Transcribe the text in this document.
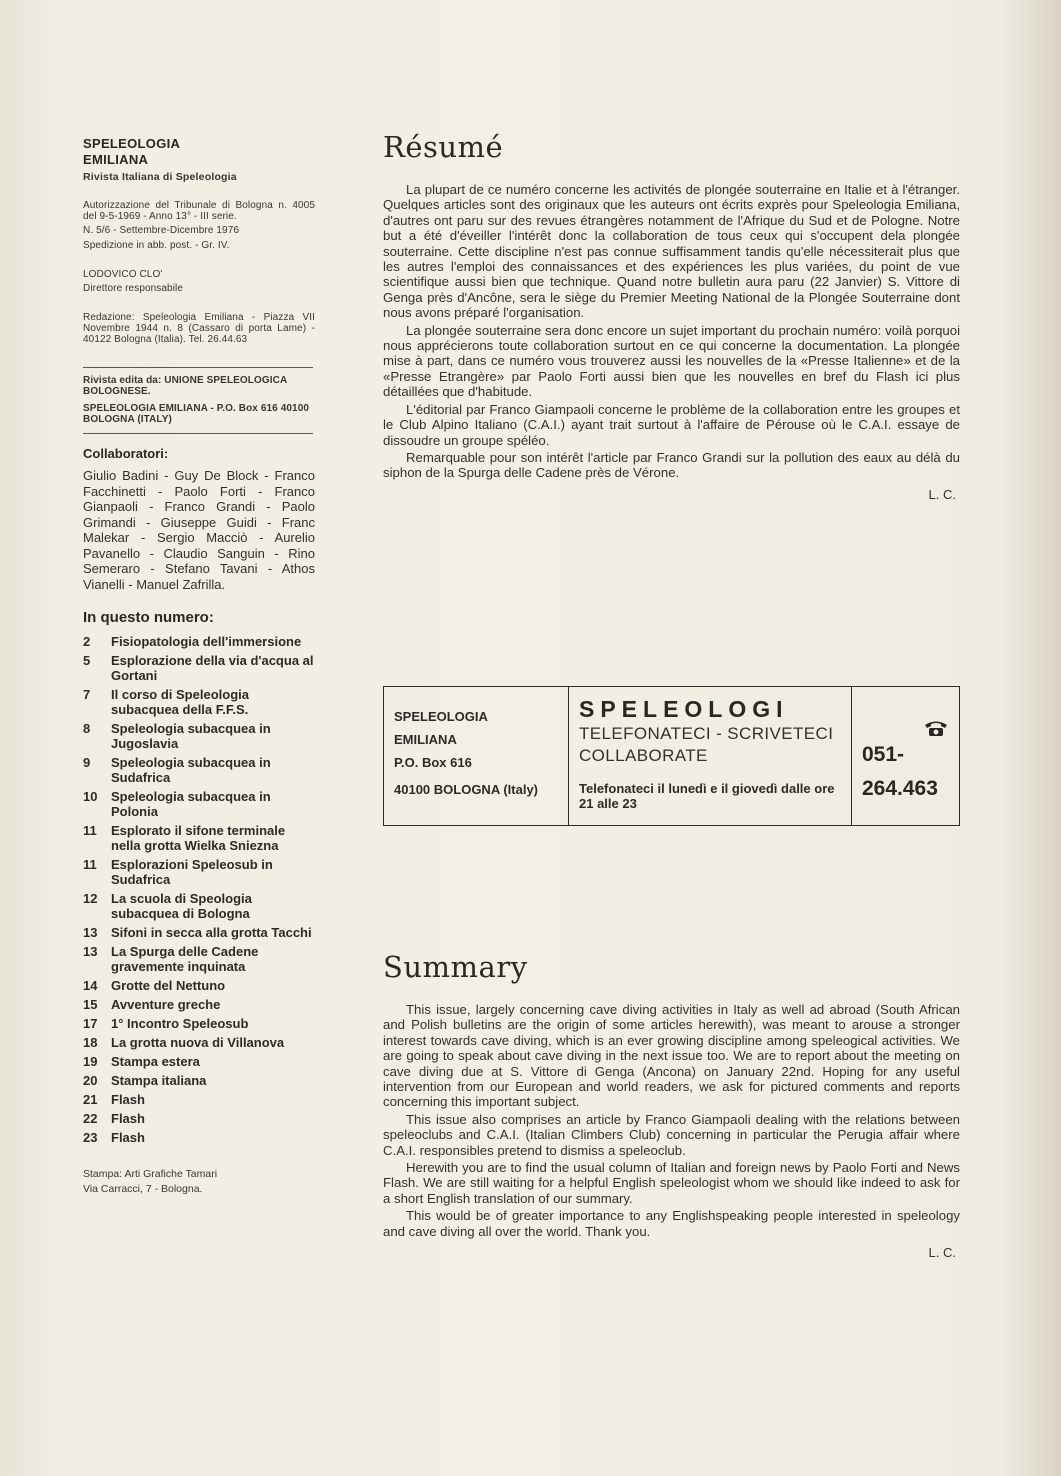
SPELEOLOGIA
EMILIANA
Rivista Italiana di Speleologia
Autorizzazione del Tribunale di Bologna n. 4005 del 9-5-1969 - Anno 13° - III serie.
N. 5/6 - Settembre-Dicembre 1976
Spedizione in abb. post. - Gr. IV.
LODOVICO CLO'
Direttore responsabile
Redazione: Speleologia Emiliana - Piazza VII Novembre 1944 n. 8 (Cassaro di porta Lame) - 40122 Bologna (Italia). Tel. 26.44.63
Rivista edita da: UNIONE SPELEOLOGICA BOLOGNESE.
SPELEOLOGIA EMILIANA - P.O. Box 616 40100 BOLOGNA (ITALY)
Collaboratori:
Giulio Badini - Guy De Block - Franco Facchinetti - Paolo Forti - Franco Gianpaoli - Franco Grandi - Paolo Grimandi - Giuseppe Guidi - Franc Malekar - Sergio Macciò - Aurelio Pavanello - Claudio Sanguin - Rino Semeraro - Stefano Tavani - Athos Vianelli - Manuel Zafrilla.
In questo numero:
2	Fisiopatologia dell'immersione
5	Esplorazione della via d'acqua al Gortani
7	Il corso di Speleologia subacquea della F.F.S.
8	Speleologia subacquea in Jugoslavia
9	Speleologia subacquea in Sudafrica
10	Speleologia subacquea in Polonia
11	Esplorato il sifone terminale nella grotta Wielka Sniezna
11	Esplorazioni Speleosub in Sudafrica
12	La scuola di Speologia subacquea di Bologna
13	Sifoni in secca alla grotta Tacchi
13	La Spurga delle Cadene gravemente inquinata
14	Grotte del Nettuno
15	Avventure greche
17	1° Incontro Speleosub
18	La grotta nuova di Villanova
19	Stampa estera
20	Stampa italiana
21	Flash
22	Flash
23	Flash
Stampa: Arti Grafiche Tamari
Via Carracci, 7 - Bologna.
Résumé

La plupart de ce numéro concerne les activités de plongée souterraine en Italie et à l'étranger. Quelques articles sont des originaux que les auteurs ont écrits exprès pour Speleologia Emiliana, d'autres ont paru sur des revues étrangères notamment de l'Afrique du Sud et de Pologne. Notre but a été d'éveiller l'intérêt donc la collaboration de tous ceux qui s'occupent dela plongée souterraine. Cette discipline n'est pas connue suffisamment tandis qu'elle nécessiterait plus que les autres l'emploi des connaissances et des expériences les plus variées, du point de vue scientifique aussi bien que technique. Quand notre bulletin aura paru (22 Janvier) S. Vittore di Genga près d'Ancône, sera le siège du Premier Meeting National de la Plongée Souterraine dont nous avons préparé l'organisation.

La plongée souterraine sera donc encore un sujet important du prochain numéro: voilà porquoi nous apprécierons toute collaboration surtout en ce qui concerne la documentation. La plongée mise à part, dans ce numéro vous trouverez aussi les nouvelles de la «Presse Italienne» et de la «Presse Etrangère» par Paolo Forti aussi bien que les nouvelles en bref du Flash ici plus détaillées que d'habitude.

L'éditorial par Franco Giampaoli concerne le problème de la collaboration entre les groupes et le Club Alpino Italiano (C.A.I.) ayant trait surtout à l'affaire de Pérouse où le C.A.I. essaye de dissoudre un groupe spéléo.

Remarquable pour son intérêt l'article par Franco Grandi sur la pollution des eaux au délà du siphon de la Spurga delle Cadene près de Vérone.

L. C.
SPELEOLOGIA
EMILIANA
P.O. Box 616
40100 BOLOGNA (Italy)
SPELEOLOGI
TELEFONATECI - SCRIVETECI
COLLABORATE
Telefonateci il lunedì e il giovedì dalle ore 21 alle 23
051-
264.463
Summary

This issue, largely concerning cave diving activities in Italy as well ad abroad (South African and Polish bulletins are the origin of some articles herewith), was meant to arouse a stronger interest towards cave diving, which is an ever growing discipline among speleogical activities. We are going to speak about cave diving in the next issue too. We are to report about the meeting on cave diving due at S. Vittore di Genga (Ancona) on January 22nd. Hoping for any useful intervention from our European and world readers, we ask for pictured comments and reports concerning this important subject.

This issue also comprises an article by Franco Giampaoli dealing with the relations between speleoclubs and C.A.I. (Italian Climbers Club) concerning in particular the Perugia affair where C.A.I. responsibles pretend to dismiss a speleoclub.

Herewith you are to find the usual column of Italian and foreign news by Paolo Forti and News Flash. We are still waiting for a helpful English speleologist whom we should like indeed to ask for a short English translation of our summary.

This would be of greater importance to any Englishspeaking people interested in speleology and cave diving all over the world. Thank you.

L. C.
